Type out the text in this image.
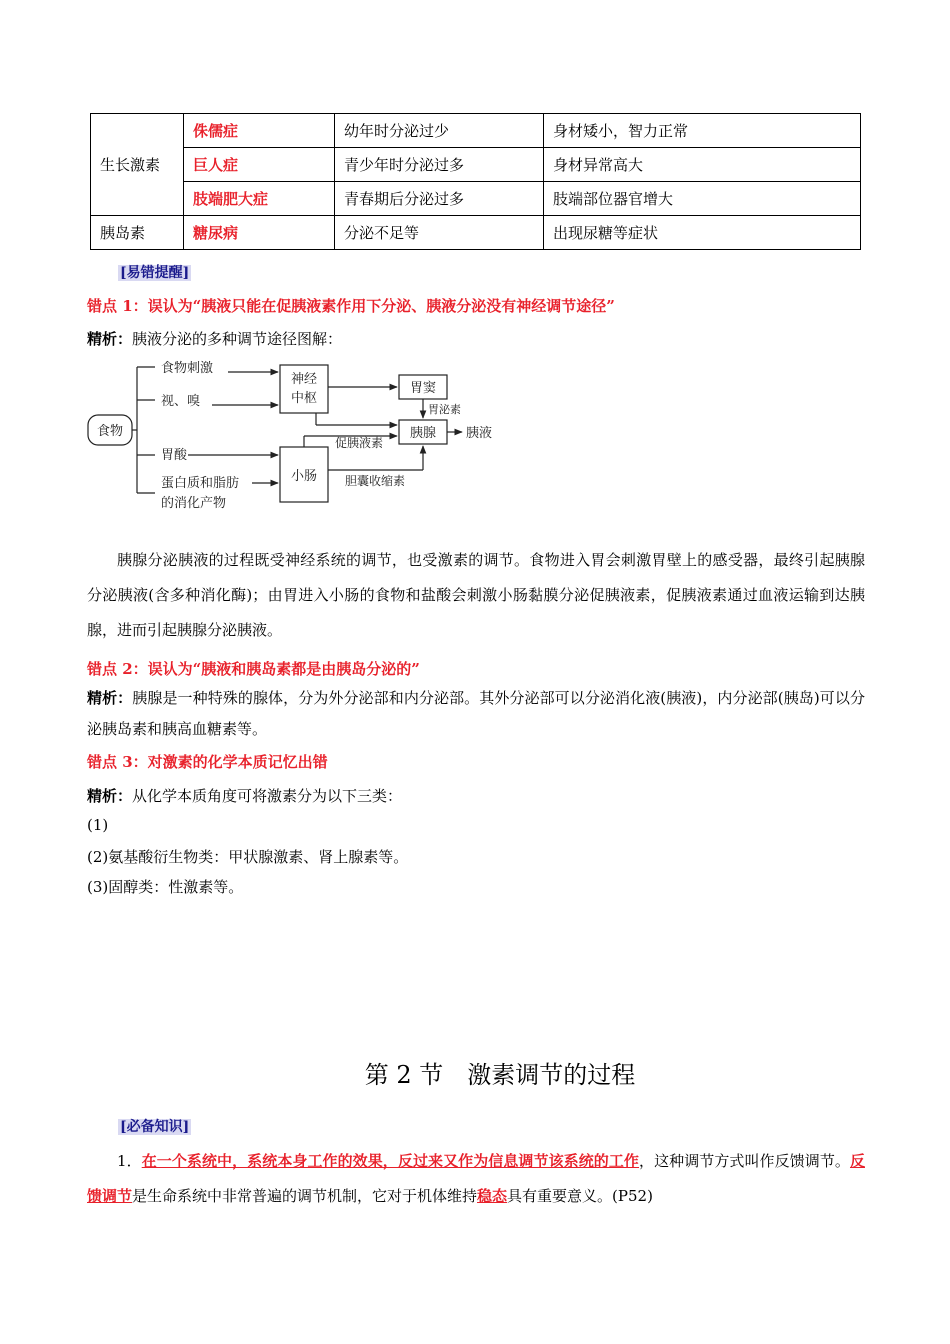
生长激素	侏儒症	幼年时分泌过少	身材矮小，智力正常
	巨人症	青少年时分泌过多	身材异常高大
	肢端肥大症	青春期后分泌过多	肢端部位器官增大
胰岛素	糖尿病	分泌不足等	出现尿糖等症状
[易错提醒]
错点 1：误认为“胰液只能在促胰液素作用下分泌、胰液分泌没有神经调节途径”
精析：胰液分泌的多种调节途径图解：
食物
食物刺激
视、嗅
胃酸
蛋白质和脂肪
的消化产物
神经
中枢
胃窦
胃泌素
胰腺 胰液
促胰液素
小肠 胆囊收缩素
胰腺分泌胰液的过程既受神经系统的调节，也受激素的调节。食物进入胃会刺激胃壁上的感受器，最终引起胰腺分泌胰液(含多种消化酶)；由胃进入小肠的食物和盐酸会刺激小肠黏膜分泌促胰液素，促胰液素通过血液运输到达胰腺，进而引起胰腺分泌胰液。
错点 2：误认为“胰液和胰岛素都是由胰岛分泌的”
精析：胰腺是一种特殊的腺体，分为外分泌部和内分泌部。其外分泌部可以分泌消化液(胰液)，内分泌部(胰岛)可以分泌胰岛素和胰高血糖素等。
错点 3：对激素的化学本质记忆出错
精析：从化学本质角度可将激素分为以下三类：
(1)
(2)氨基酸衍生物类：甲状腺激素、肾上腺素等。
(3)固醇类：性激素等。
第 2 节　激素调节的过程
[必备知识]
1．在一个系统中，系统本身工作的效果，反过来又作为信息调节该系统的工作，这种调节方式叫作反馈调节。反馈调节是生命系统中非常普遍的调节机制，它对于机体维持稳态具有重要意义。(P52)
